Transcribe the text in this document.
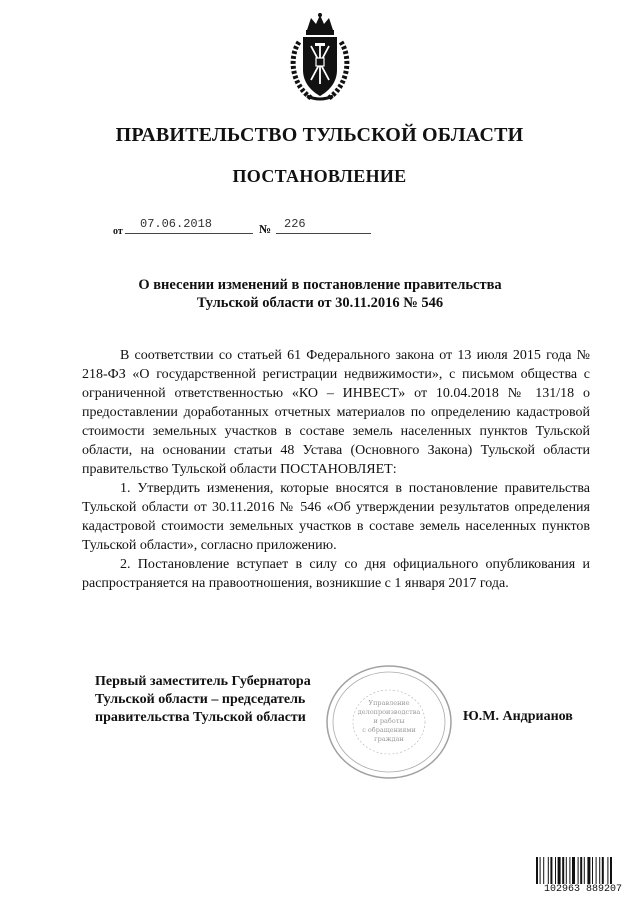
ПРАВИТЕЛЬСТВО ТУЛЬСКОЙ ОБЛАСТИ
ПОСТАНОВЛЕНИЕ
от
07.06.2018	№ 226
О внесении изменений в постановление правительства
Тульской области от 30.11.2016 № 546

В соответствии со статьей 61 Федерального закона от 13 июля 2015 года № 218-ФЗ «О государственной регистрации недвижимости», с письмом общества с ограниченной ответственностью «КО – ИНВЕСТ» от 10.04.2018 № 131/18 о предоставлении доработанных отчетных материалов по определению кадастровой стоимости земельных участков в составе земель населенных пунктов Тульской области, на основании статьи 48 Устава (Основного Закона) Тульской области правительство Тульской области ПОСТАНОВЛЯЕТ:

1. Утвердить изменения, которые вносятся в постановление правительства Тульской области от 30.11.2016 № 546 «Об утверждении результатов определения кадастровой стоимости земельных участков в составе земель населенных пунктов Тульской области», согласно приложению.

2. Постановление вступает в силу со дня официального опубликования и распространяется на правоотношения, возникшие с 1 января 2017 года.

Управление
делопроизводства
и работы
с обращениями
граждан
Первый заместитель Губернатора
Тульской области – председатель
правительства Тульской области	Ю.М. Андрианов
102963 889207
